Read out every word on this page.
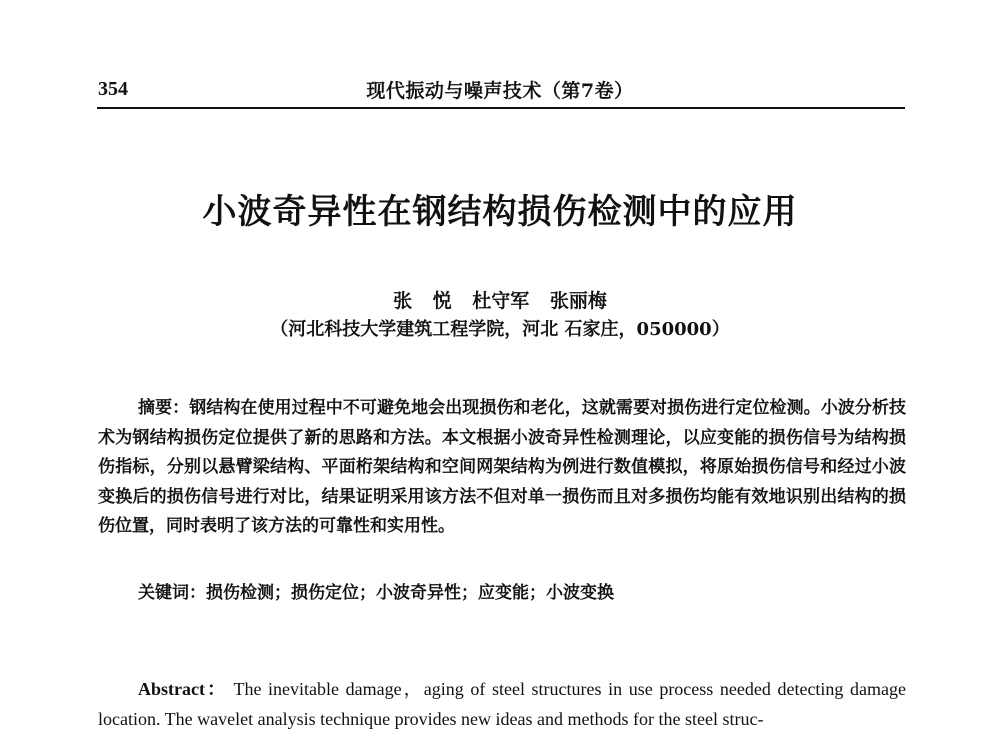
354	现代振动与噪声技术（第7卷）
小波奇异性在钢结构损伤检测中的应用
张 悦 杜守军 张丽梅
（河北科技大学建筑工程学院，河北 石家庄，050000）

摘要：钢结构在使用过程中不可避免地会出现损伤和老化，这就需要对损伤进行定位检测。小波分析技术为钢结构损伤定位提供了新的思路和方法。本文根据小波奇异性检测理论，以应变能的损伤信号为结构损伤指标，分别以悬臂梁结构、平面桁架结构和空间网架结构为例进行数值模拟，将原始损伤信号和经过小波变换后的损伤信号进行对比，结果证明采用该方法不但对单一损伤而且对多损伤均能有效地识别出结构的损伤位置，同时表明了该方法的可靠性和实用性。

关键词：损伤检测；损伤定位；小波奇异性；应变能；小波变换

Abstract： The inevitable damage，aging of steel structures in use process needed detecting damage location. The wavelet analysis technique provides new ideas and methods for the steel struc-
